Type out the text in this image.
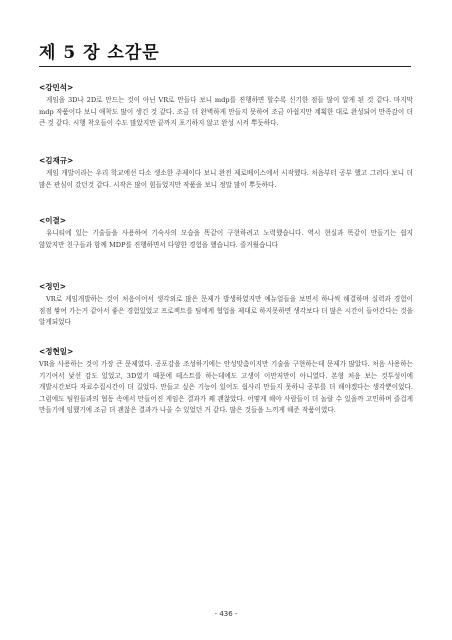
제 5 장 소감문

<강민석>

게임을 3D나 2D로 만드는 것이 아닌 VR로 만들다 보니 mdp를 진행하면 할수록 신기한 점들 많이 알게 된 것 같다. 마지막 mdp 작품이다 보니 애착도 많이 생긴 것 같다. 조금 더 완벽하게 만들지 못하여 조금 아쉽지만 계획한 대로 완성되어 만족감이 더 큰 것 같다. 시행 착오들이 수도 많았지만 끝까지 포기하지 않고 완성 시켜 뿌듯하다.

<김재규>

게임 개발이라는 우리 학교에선 다소 생소한 주제이다 보니 완전 제로베이스에서 시작했다. 처음부터 공부 했고 그러다 보니 더 많은 관심이 갔던것 같다. 시작은 많이 힘들었지만 작품을 보니 정말 많이 뿌듯하다.

<이결>

유니티에 있는 기술들을 사용하여 기숙사의 모습을 똑같이 구현하려고 노력했습니다. 역시 현실과 똑같이 만들기는 쉽지 않았지만 친구들과 함께 MDP를 진행하면서 다양한 경험을 했습니다. 즐거웠습니다

<정민>

VR로 게임개발하는 것이 처음이어서 생각외로 많은 문제가 발생하였지만 예뉴얼들을 보면서 하나씩 해결하며 실력과 경험이 점점 쌓여 가는거 같아서 좋은 경험있었고 프로젝트를 팀에게 협업을 제대로 하지못하면 생각보다 더 많은 시간이 들어간다는 것을 알게되었다

<정현일>

VR을 사용하는 것이 가장 큰 문제였다. 공포감을 조성하기에는 안성맞춤이지만 기술을 구현하는데 문제가 많았다. 처음 사용하는 기기여서 낯선 감도 있었고, 3D였기 때문에 테스트를 하는데에도 고생이 이만저만이 아니였다. 본형 처음 보는 것투성이에 개발시간보다 자료수집시간이 더 길었다. 만들고 싶은 기능이 있어도 쉽사리 만들지 못하니 공부를 더 해야겠다는 생각뿐이었다. 그럼에도 팀원들과의 협동 속에서 만들어진 게임은 결과가 꽤 괜찮았다. 어떻게 해야 사람들이 더 놀랄 수 있을까 고민하며 즐겁게 만들기에 임했기에 조금 더 괜찮은 결과가 나올 수 있었던 거 같다. 많은 것들을 느끼게 해준 작품이였다.

- 436 -
